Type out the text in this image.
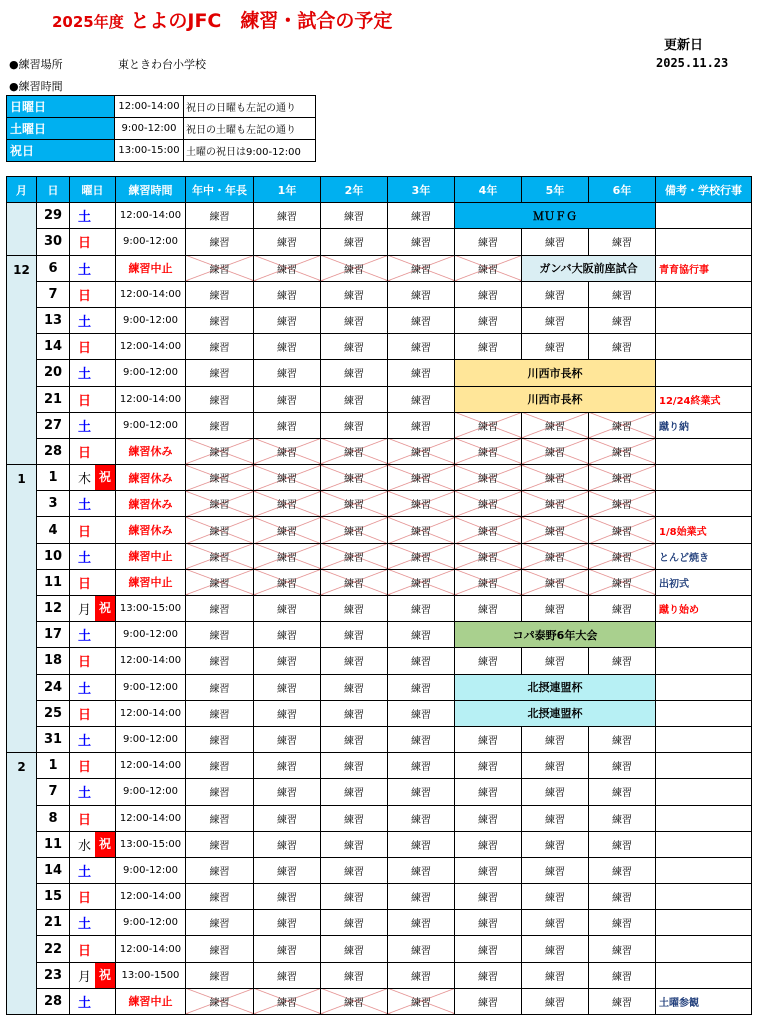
2025年度 とよのJFC　練習・試合の予定
更新日
2025.11.23
●練習場所	東ときわ台小学校
●練習時間
日曜日	12:00-14:00	祝日の日曜も左記の通り
土曜日	9:00-12:00	祝日の土曜も左記の通り
祝日	13:00-15:00	土曜の祝日は9:00-12:00
月	日	曜日	練習時間	年中・年長	1年	2年	3年	4年	5年	6年	備考・学校行事
	29	土	12:00-14:00	練習	練習	練習	練習	ＭＵＦＧ			
	30	日	9:00-12:00	練習	練習	練習	練習	練習	練習	練習	
12	6	土	練習中止	練習	練習	練習	練習	練習	ガンバ大阪前座試合		青育協行事
	7	日	12:00-14:00	練習	練習	練習	練習	練習	練習	練習	
	13	土	9:00-12:00	練習	練習	練習	練習	練習	練習	練習	
	14	日	12:00-14:00	練習	練習	練習	練習	練習	練習	練習	
	20	土	9:00-12:00	練習	練習	練習	練習	川西市長杯			
	21	日	12:00-14:00	練習	練習	練習	練習	川西市長杯			12/24終業式
	27	土	9:00-12:00	練習	練習	練習	練習	練習	練習	練習	蹴り納
	28	日	練習休み	練習	練習	練習	練習	練習	練習	練習	
1	1	木 祝	練習休み	練習	練習	練習	練習	練習	練習	練習	
	3	土	練習休み	練習	練習	練習	練習	練習	練習	練習	
	4	日	練習休み	練習	練習	練習	練習	練習	練習	練習	1/8始業式
	10	土	練習中止	練習	練習	練習	練習	練習	練習	練習	とんど焼き
	11	日	練習中止	練習	練習	練習	練習	練習	練習	練習	出初式
	12	月 祝	13:00-15:00	練習	練習	練習	練習	練習	練習	練習	蹴り始め
	17	土	9:00-12:00	練習	練習	練習	練習	コパ泰野6年大会			
	18	日	12:00-14:00	練習	練習	練習	練習	練習	練習	練習	
	24	土	9:00-12:00	練習	練習	練習	練習	北摂連盟杯			
	25	日	12:00-14:00	練習	練習	練習	練習	北摂連盟杯			
	31	土	9:00-12:00	練習	練習	練習	練習	練習	練習	練習	
2	1	日	12:00-14:00	練習	練習	練習	練習	練習	練習	練習	
	7	土	9:00-12:00	練習	練習	練習	練習	練習	練習	練習	
	8	日	12:00-14:00	練習	練習	練習	練習	練習	練習	練習	
	11	水 祝	13:00-15:00	練習	練習	練習	練習	練習	練習	練習	
	14	土	9:00-12:00	練習	練習	練習	練習	練習	練習	練習	
	15	日	12:00-14:00	練習	練習	練習	練習	練習	練習	練習	
	21	土	9:00-12:00	練習	練習	練習	練習	練習	練習	練習	
	22	日	12:00-14:00	練習	練習	練習	練習	練習	練習	練習	
	23	月 祝	13:00-1500	練習	練習	練習	練習	練習	練習	練習	
	28	土	練習中止	練習	練習	練習	練習	練習	練習	練習	土曜参観
